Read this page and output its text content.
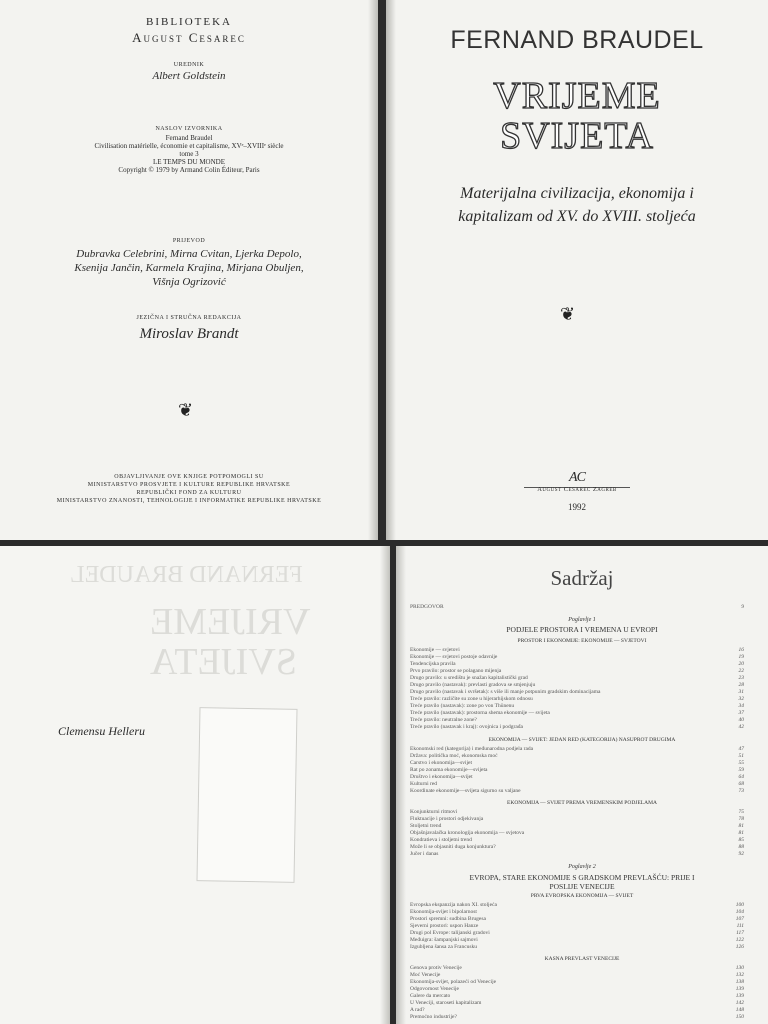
BIBLIOTEKA
August Cesarec
UREDNIK
Albert Goldstein
NASLOV IZVORNIKA
Fernand Braudel
Civilisation matérielle, économie et capitalisme, XVᵉ–XVIIIᵉ siècle
tome 3
LE TEMPS DU MONDE
Copyright © 1979 by Armand Colin Éditeur, Paris
PRIJEVOD
Dubravka Celebrini, Mirna Cvitan, Ljerka Depolo,
Ksenija Jančin, Karmela Krajina, Mirjana Obuljen,
Višnja Ogrizović
JEZIČNA I STRUČNA REDAKCIJA
Miroslav Brandt
❦
OBJAVLJIVANJE OVE KNJIGE POTPOMOGLI SU
MINISTARSTVO PROSVJETE I KULTURE REPUBLIKE HRVATSKE
REPUBLIČKI FOND ZA KULTURU
MINISTARSTVO ZNANOSTI, TEHNOLOGIJE I INFORMATIKE REPUBLIKE HRVATSKE
FERNAND BRAUDEL
VRIJEME
SVIJETA
Materijalna civilizacija, ekonomija i
kapitalizam od XV. do XVIII. stoljeća
❦
AC
August Cesarec Zagreb
1992
FERNAND BRAUDEL
VRIJEME
SVIJETA
Clemensu Helleru
Sadržaj
PREDGOVOR	9
Poglavlje 1
PODJELE PROSTORA I VREMENA U EVROPI
PROSTOR I EKONOMIJE: EKONOMIJE — SVJETOVI
Ekonomije — svjetovi	16
Ekonomije — svjetovi postoje odavnije	19
Tendencijska pravila	20
Prvo pravilo: prostor se polagano mijenja	22
Drugo pravilo: u središtu je snažan kapitalistički grad	23
Drugo pravilo (nastavak): prevlasti gradova se smjenjuju	28
Drugo pravilo (nastavak i svršetak): s više ili manje potpunim gradskim dominacijama	31
Treće pravilo: različite su zone u hijerarhijskom odnosu	32
Treće pravilo (nastavak): zone po von Thünenu	34
Treće pravilo (nastavak): prostorna shema ekonomije — svijeta	37
Treće pravilo: neutralne zone?	40
Treće pravilo (nastavak i kraj): ovojnica i podgrađa	42
EKONOMIJA — SVIJET: JEDAN RED (KATEGORIJA) NASUPROT DRUGIMA
Ekonomski red (kategorija) i međunarodna podjela rada	47
Država: politička moć, ekonomska moć	51
Carstvo i ekonomija—svijet	55
Rat po zonama ekonomije—svijeta	59
Društvo i ekonomija—svijet	64
Kulturni red	68
Koordinate ekonomije—svijeta sigurno su valjane	73
EKONOMIJA — SVIJET PREMA VREMENSKIM PODJELAMA
Konjunkturni ritmovi	75
Fluktuacije i prostori odjekivanja	78
Stoljetni trend	81
Objašnjavalačka kronologija ekonomija — svjetova	81
Kondratieva i stoljetni trend	85
Može li se objasniti duga konjunktura?	88
Jučer i danas	92
Poglavlje 2
EVROPA, STARE EKONOMIJE S GRADSKOM PREVLAŠĆU: PRIJE I
POSLIJE VENECIJE
PRVA EVROPSKA EKONOMIJA — SVIJET
Evropska ekspanzija nakon XI. stoljeća	100
Ekonomija-svijet i bipolarnost	104
Prostori spremni: sudbina Brugesa	107
Sjeverni prostori: uspon Hanze	111
Drugi pol Evrope: talijanski gradovi	117
Međuigra: šampanjski sajmovi	122
Izgubljena šansa za Francusku	126
KASNA PREVLAST VENECIJE
Genova protiv Venecije	130
Moć Venecije	132
Ekonomija-svijet, polazeći od Venecije	138
Odgovornost Venecije	139
Galere da mercato	139
U Veneciji, staroseti kapitalizam	142
A rad?	148
Premoćno industrije?	150
